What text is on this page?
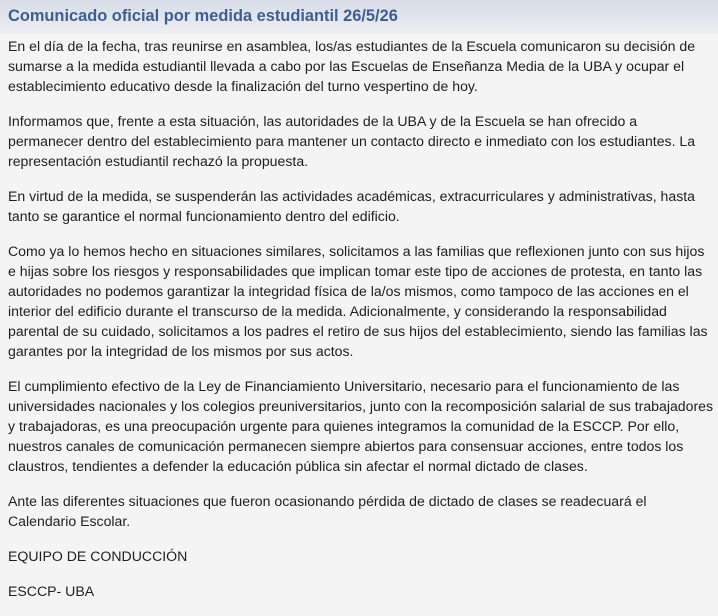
Comunicado oficial por medida estudiantil 26/5/26

En el día de la fecha, tras reunirse en asamblea, los/as estudiantes de la Escuela comunicaron su decisión de sumarse a la medida estudiantil llevada a cabo por las Escuelas de Enseñanza Media de la UBA y ocupar el establecimiento educativo desde la finalización del turno vespertino de hoy.

Informamos que, frente a esta situación, las autoridades de la UBA y de la Escuela se han ofrecido a permanecer dentro del establecimiento para mantener un contacto directo e inmediato con los estudiantes. La representación estudiantil rechazó la propuesta.

En virtud de la medida, se suspenderán las actividades académicas, extracurriculares y administrativas, hasta tanto se garantice el normal funcionamiento dentro del edificio.

Como ya lo hemos hecho en situaciones similares, solicitamos a las familias que reflexionen junto con sus hijos e hijas sobre los riesgos y responsabilidades que implican tomar este tipo de acciones de protesta, en tanto las autoridades no podemos garantizar la integridad física de la/os mismos, como tampoco de las acciones en el interior del edificio durante el transcurso de la medida. Adicionalmente, y considerando la responsabilidad parental de su cuidado, solicitamos a los padres el retiro de sus hijos del establecimiento, siendo las familias las garantes por la integridad de los mismos por sus actos.

El cumplimiento efectivo de la Ley de Financiamiento Universitario, necesario para el funcionamiento de las universidades nacionales y los colegios preuniversitarios, junto con la recomposición salarial de sus trabajadores y trabajadoras, es una preocupación urgente para quienes integramos la comunidad de la ESCCP. Por ello, nuestros canales de comunicación permanecen siempre abiertos para consensuar acciones, entre todos los claustros, tendientes a defender la educación pública sin afectar el normal dictado de clases.

Ante las diferentes situaciones que fueron ocasionando pérdida de dictado de clases se readecuará el Calendario Escolar.

EQUIPO DE CONDUCCIÓN

ESCCP- UBA
